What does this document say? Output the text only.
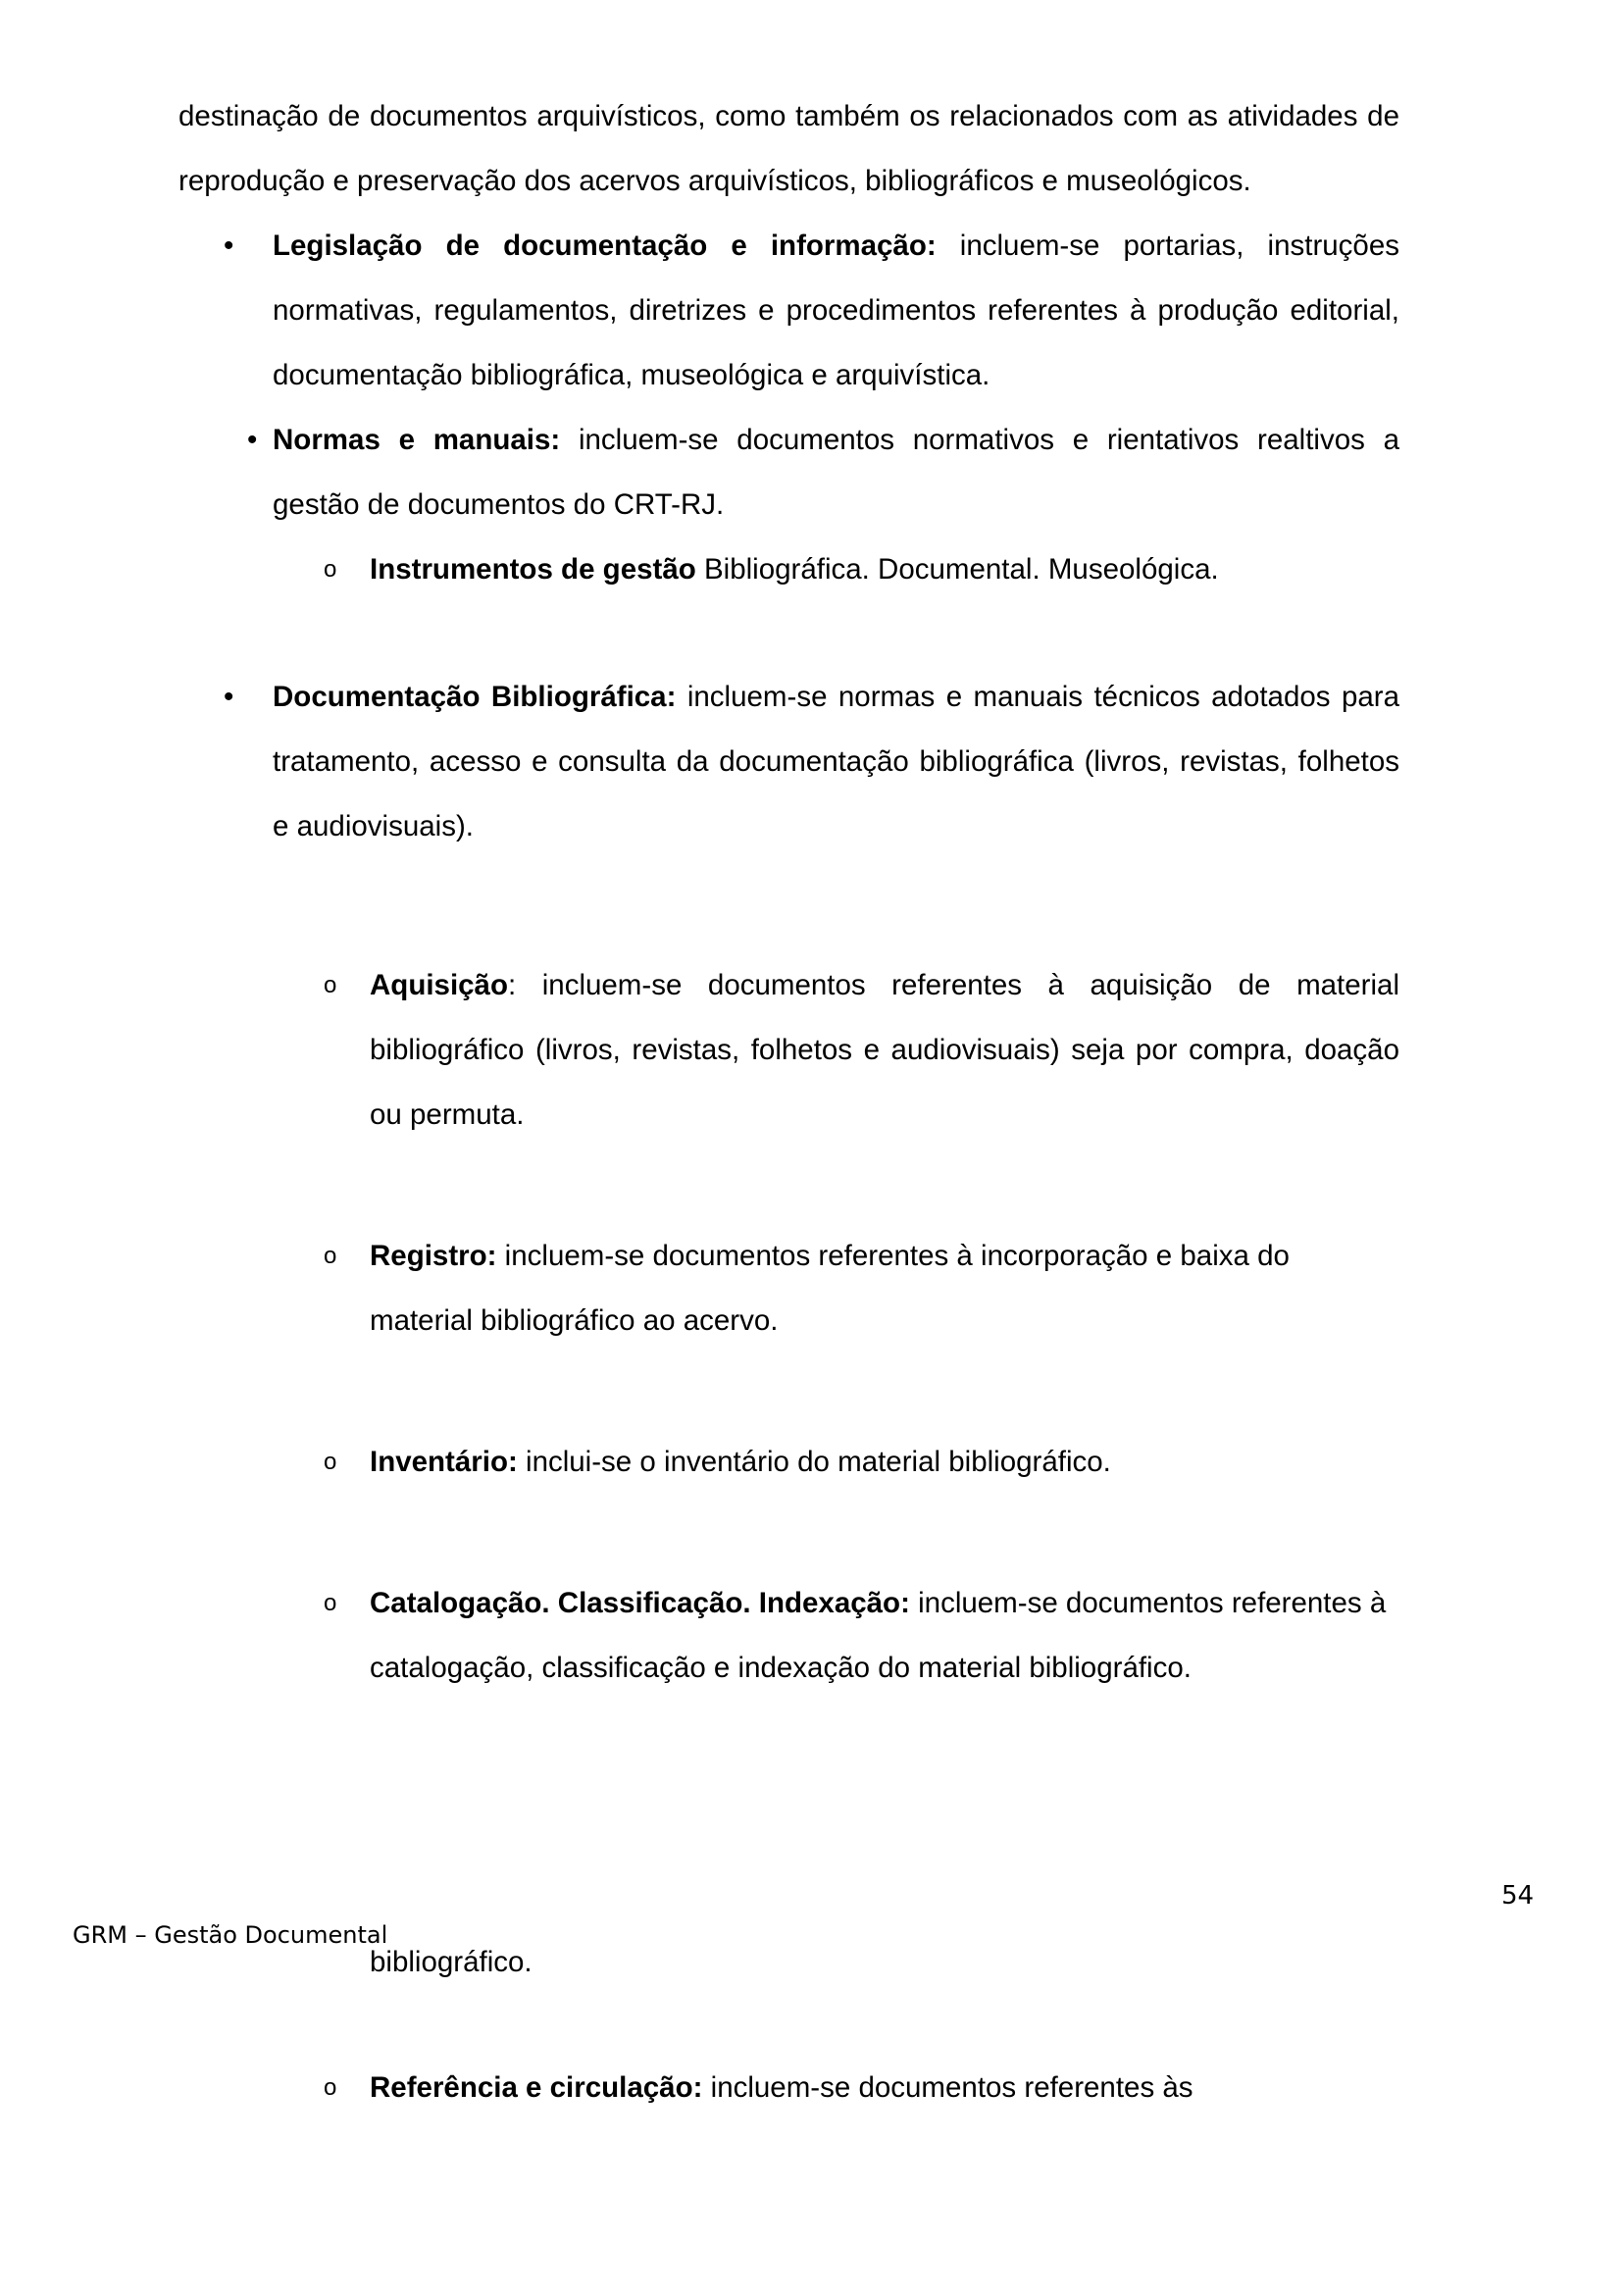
destinação de documentos arquivísticos, como também os relacionados com as atividades de reprodução e preservação dos acervos arquivísticos, bibliográficos e museológicos.

• Legislação de documentação e informação: incluem-se portarias, instruções normativas, regulamentos, diretrizes e procedimentos referentes à produção editorial, documentação bibliográfica, museológica e arquivística.

• Normas e manuais: incluem-se documentos normativos e rientativos realtivos a gestão de documentos do CRT-RJ.

o Instrumentos de gestão Bibliográfica. Documental. Museológica.

• Documentação Bibliográfica: incluem-se normas e manuais técnicos adotados para tratamento, acesso e consulta da documentação bibliográfica (livros, revistas, folhetos e audiovisuais).

o Aquisição: incluem-se documentos referentes à aquisição de material bibliográfico (livros, revistas, folhetos e audiovisuais) seja por compra, doação ou permuta.

o Registro: incluem-se documentos referentes à incorporação e baixa do material bibliográfico ao acervo.

o Inventário: inclui-se o inventário do material bibliográfico.

o Catalogação. Classificação. Indexação: incluem-se documentos referentes à catalogação, classificação e indexação do material bibliográfico.

GRM – Gestão Documental
54

bibliográfico.

o Referência e circulação: incluem-se documentos referentes às
